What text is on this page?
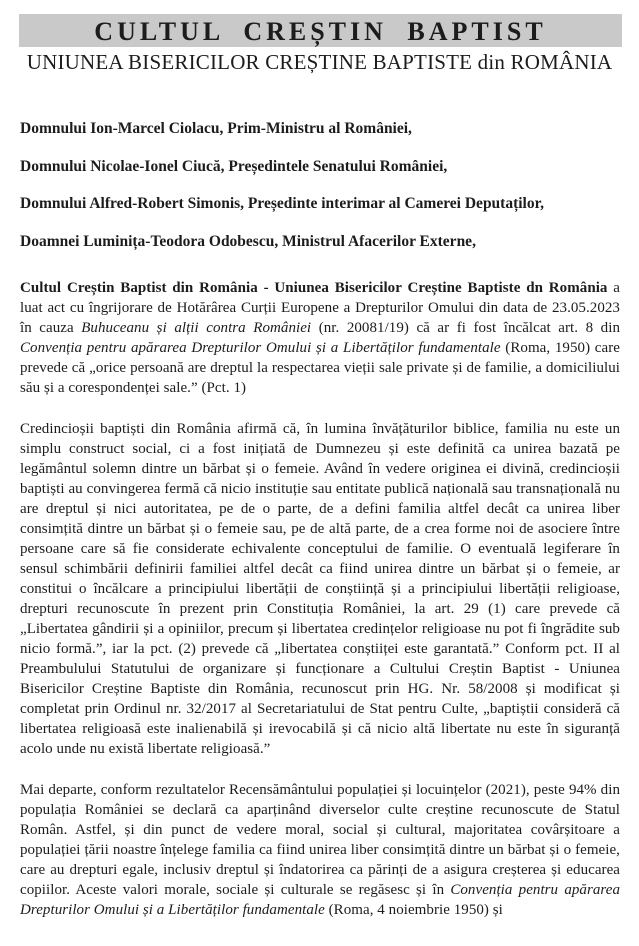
CULTUL CREȘTIN BAPTIST
UNIUNEA BISERICILOR CREȘTINE BAPTISTE din ROMÂNIA

Domnului Ion-Marcel Ciolacu, Prim-Ministru al României,

Domnului Nicolae-Ionel Ciucă, Președintele Senatului României,

Domnului Alfred-Robert Simonis, Președinte interimar al Camerei Deputaților,

Doamnei Luminița-Teodora Odobescu, Ministrul Afacerilor Externe,

Cultul Creștin Baptist din România - Uniunea Bisericilor Creștine Baptiste dn România a luat act cu îngrijorare de Hotărârea Curții Europene a Drepturilor Omului din data de 23.05.2023 în cauza Buhuceanu și alții contra României (nr. 20081/19) că ar fi fost încălcat art. 8 din Convenția pentru apărarea Drepturilor Omului și a Libertăților fundamentale (Roma, 1950) care prevede că „orice persoană are dreptul la respectarea vieții sale private și de familie, a domiciliului său și a corespondenței sale.” (Pct. 1)

Credincioșii baptiști din România afirmă că, în lumina învățăturilor biblice, familia nu este un simplu construct social, ci a fost inițiată de Dumnezeu și este definită ca unirea bazată pe legământul solemn dintre un bărbat și o femeie. Având în vedere originea ei divină, credincioșii baptiști au convingerea fermă că nicio instituție sau entitate publică națională sau transnațională nu are dreptul și nici autoritatea, pe de o parte, de a defini familia altfel decât ca unirea liber consimțită dintre un bărbat și o femeie sau, pe de altă parte, de a crea forme noi de asociere între persoane care să fie considerate echivalente conceptului de familie. O eventuală legiferare în sensul schimbării definirii familiei altfel decât ca fiind unirea dintre un bărbat și o femeie, ar constitui o încălcare a principiului libertății de conștiință și a principiului libertății religioase, drepturi recunoscute în prezent prin Constituția României, la art. 29 (1) care prevede că „Libertatea gândirii și a opiniilor, precum și libertatea credințelor religioase nu pot fi îngrădite sub nicio formă.”, iar la pct. (2) prevede că „libertatea conștiiței este garantată.” Conform pct. II al Preambulului Statutului de organizare și funcționare a Cultului Creștin Baptist - Uniunea Bisericilor Creștine Baptiste din România, recunoscut prin HG. Nr. 58/2008 și modificat și completat prin Ordinul nr. 32/2017 al Secretariatului de Stat pentru Culte, „baptiștii consideră că libertatea religioasă este inalienabilă și irevocabilă și că nicio altă libertate nu este în siguranță acolo unde nu există libertate religioasă.”

Mai departe, conform rezultatelor Recensământului populației și locuințelor (2021), peste 94% din populația României se declară ca aparținând diverselor culte creștine recunoscute de Statul Român. Astfel, și din punct de vedere moral, social și cultural, majoritatea covârșitoare a populației țării noastre înțelege familia ca fiind unirea liber consimțită dintre un bărbat și o femeie, care au drepturi egale, inclusiv dreptul și îndatorirea ca părinți de a asigura creșterea și educarea copiilor. Aceste valori morale, sociale și culturale se regăsesc și în Convenția pentru apărarea Drepturilor Omului și a Libertăților fundamentale (Roma, 4 noiembrie 1950) și
